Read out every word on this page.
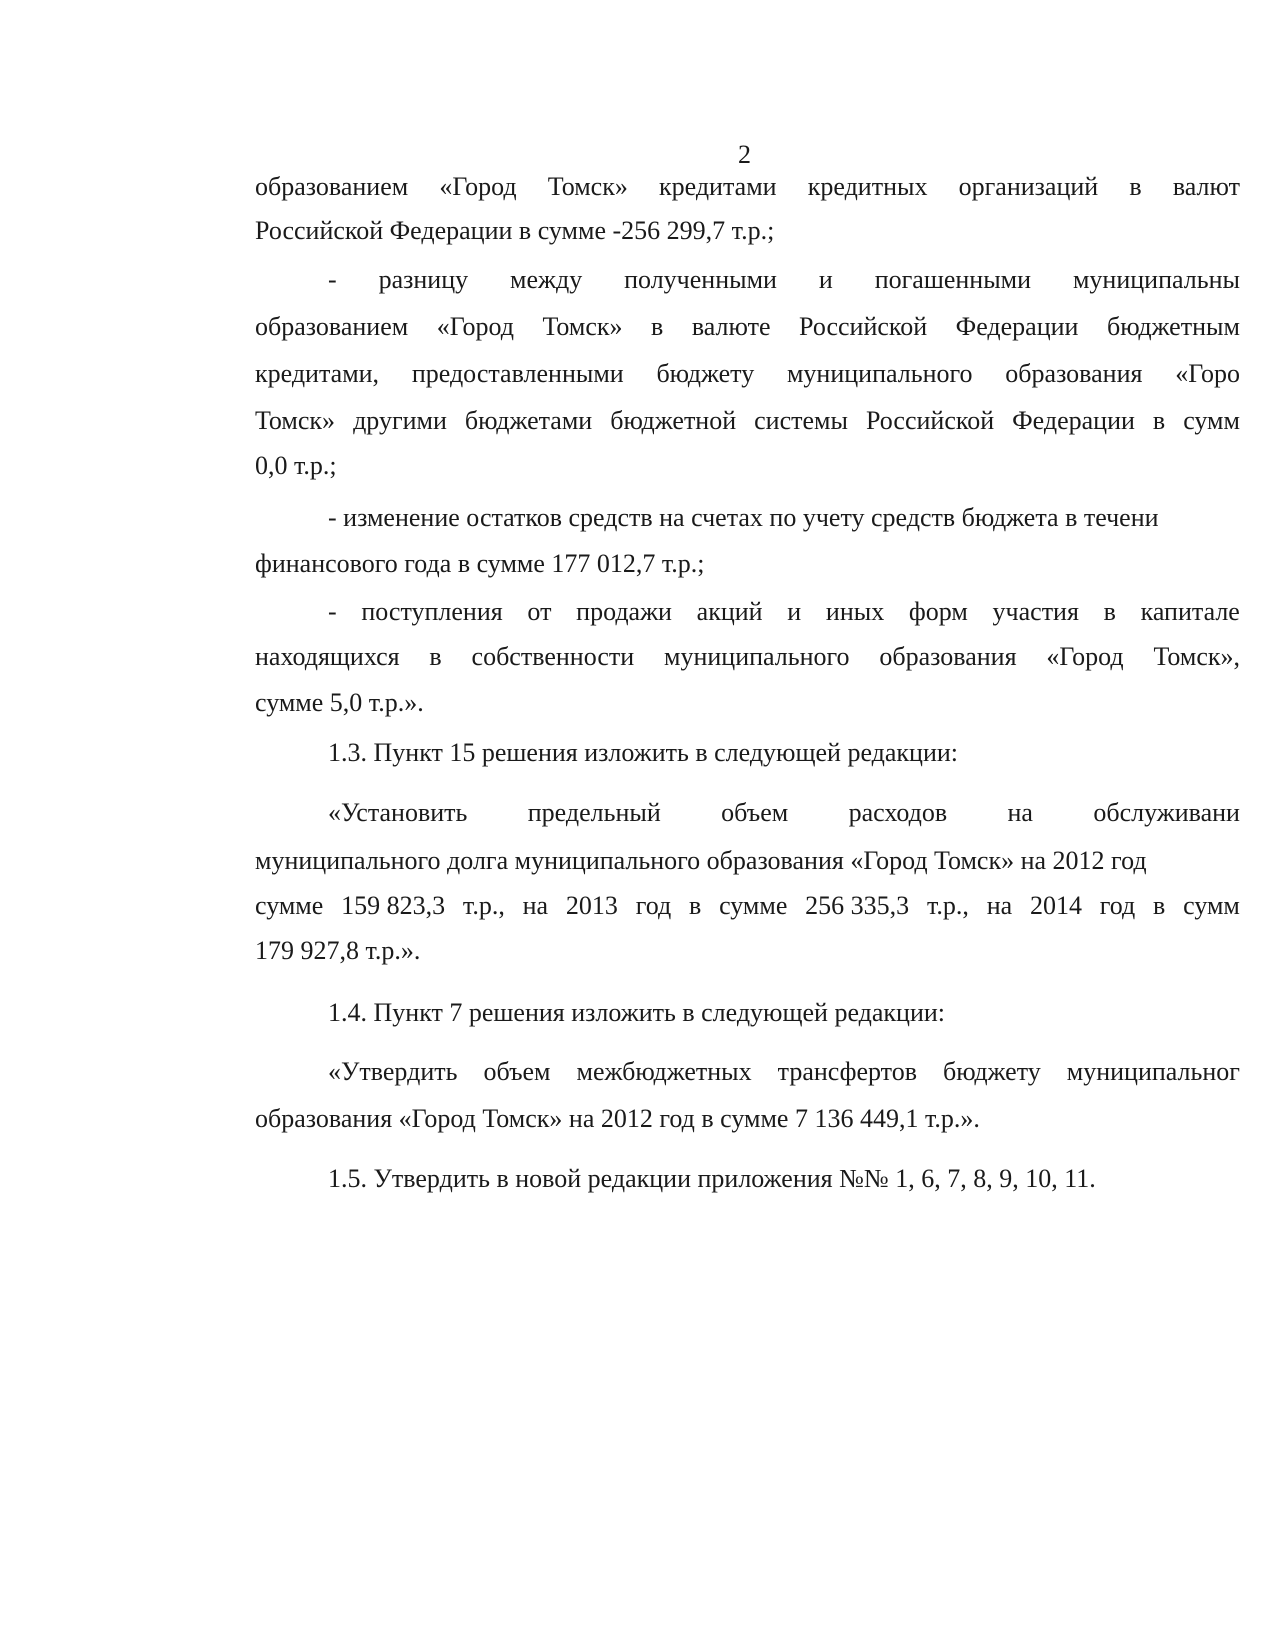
2
образованием «Город Томск» кредитами кредитных организаций в валют
Российской Федерации в сумме -256 299,7 т.р.;
- разницу между полученными и погашенными муниципальны
образованием «Город Томск» в валюте Российской Федерации бюджетным
кредитами, предоставленными бюджету муниципального образования «Горо
Томск» другими бюджетами бюджетной системы Российской Федерации в сумм
0,0 т.р.;
- изменение остатков средств на счетах по учету средств бюджета в течени
финансового года в сумме 177 012,7 т.р.;
- поступления от продажи акций и иных форм участия в капитале
находящихся в собственности муниципального образования «Город Томск»,
сумме 5,0 т.р.».
1.3. Пункт 15 решения изложить в следующей редакции:
«Установить предельный объем расходов на обслуживани
муниципального долга муниципального образования «Город Томск» на 2012 год
сумме 159 823,3 т.р., на 2013 год в сумме 256 335,3 т.р., на 2014 год в сумм
179 927,8 т.р.».
1.4. Пункт 7 решения изложить в следующей редакции:
«Утвердить объем межбюджетных трансфертов бюджету муниципальног
образования «Город Томск» на 2012 год в сумме 7 136 449,1 т.р.».
1.5. Утвердить в новой редакции приложения №№ 1, 6, 7, 8, 9, 10, 11.
